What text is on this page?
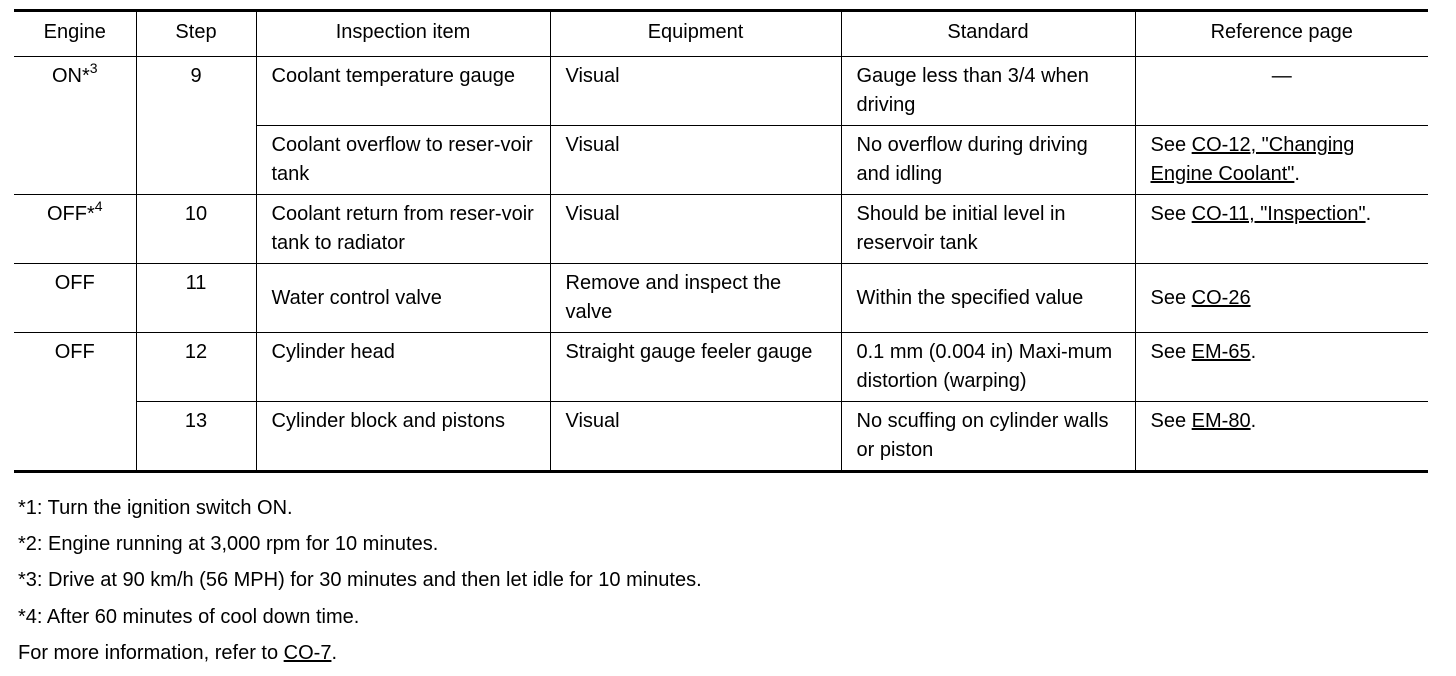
Engine	Step	Inspection item	Equipment	Standard	Reference page
ON*$^3$	9	Coolant temperature gauge	Visual	Gauge less than 3/4 when driving	—
		Coolant overflow to reser-voir tank	Visual	No overflow during driving and idling	See CO-12, "Changing Engine Coolant".
OFF*$^4$	10	Coolant return from reser-voir tank to radiator	Visual	Should be initial level in reservoir tank	See CO-11, "Inspection".
OFF	11	Water control valve	Remove and inspect the valve	Within the specified value	See CO-26
OFF	12	Cylinder head	Straight gauge feeler gauge	0.1 mm (0.004 in) Maxi-mum distortion (warping)	See EM-65.
	13	Cylinder block and pistons	Visual	No scuffing on cylinder walls or piston	See EM-80.
*1: Turn the ignition switch ON.
*2: Engine running at 3,000 rpm for 10 minutes.
*3: Drive at 90 km/h (56 MPH) for 30 minutes and then let idle for 10 minutes.
*4: After 60 minutes of cool down time.
For more information, refer to CO-7.
